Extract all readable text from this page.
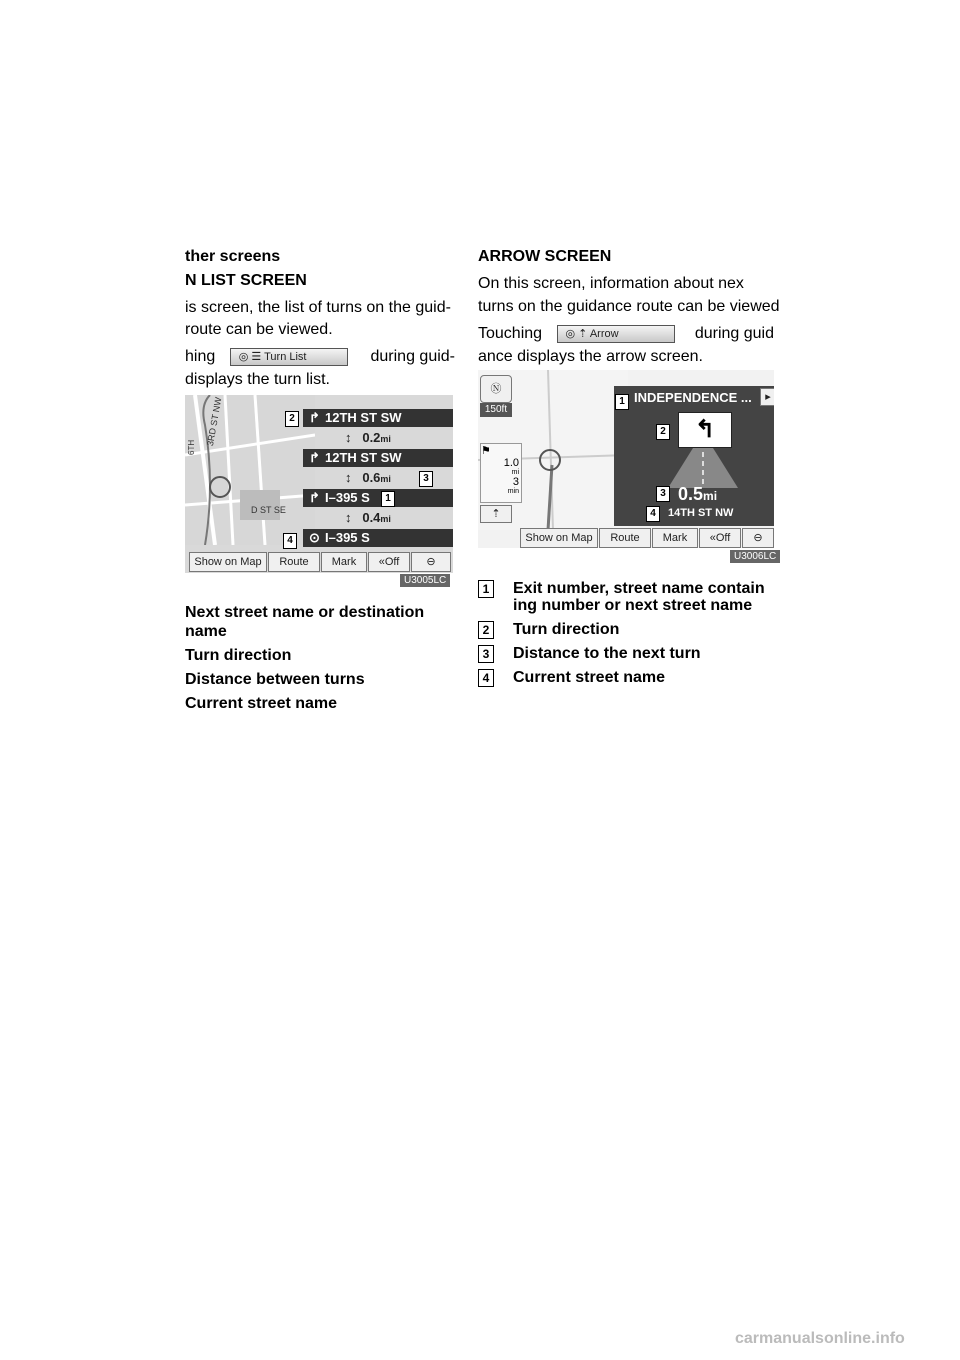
ther screens
N LIST SCREEN
is screen, the list of turns on the guid-
route can be viewed.
hing ◎ ☰ Turn List	during guid-
displays the turn list.
3RD ST NW
D ST SE
6TH
↱ 12TH ST SW
↕ 0.2mi
↱ 12TH ST SW
↕ 0.6mi
↱ I–395 S
↕ 0.4mi
⊙ I–395 S
2
3
1
4
Show on Map	Route	Mark	«Off	⊖
U3005LC
Next street name or destination
name
Turn direction
Distance between turns
Current street name
ARROW SCREEN
On this screen, information about nex
turns on the guidance route can be viewed
Touching ◎ ⇡ Arrow	during guid
ance displays the arrow screen.
Ⓝ
150ft
⚑
1.0
mi
3
min
⇡
INDEPENDENCE ...	▸
↰
0.5mi
14TH ST NW
1
2
3
4
Show on Map	Route	Mark	«Off	⊖
U3006LC
1 Exit number, street name contain
ing number or next street name
2 Turn direction
3 Distance to the next turn
4 Current street name
carmanualsonline.info
